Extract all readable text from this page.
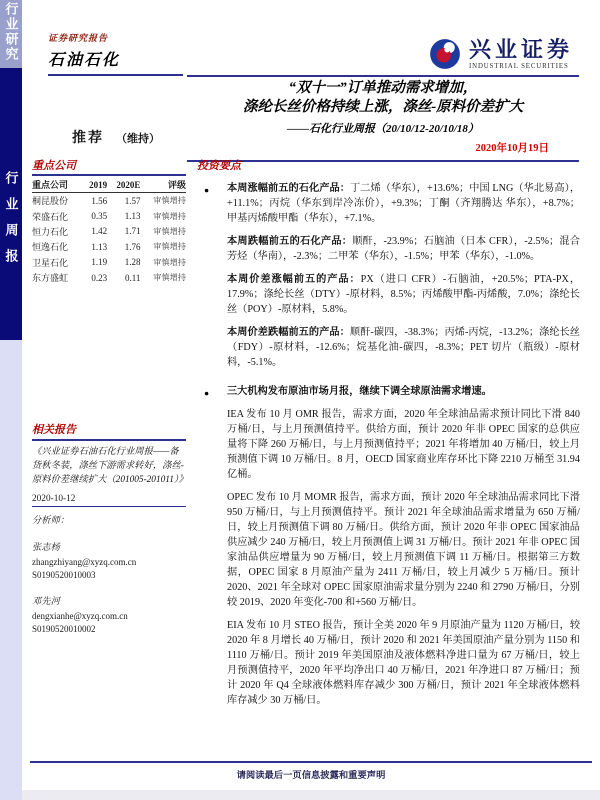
行业研究
行业周报
证券研究报告
石油石化	兴业证券
INDUSTRIAL SECURITIES
“双十一”订单推动需求增加，
涤纶长丝价格持续上涨，涤丝-原料价差扩大
——石化行业周报（20/10/12-20/10/18）
2020年10月19日
推荐 （维持）
重点公司
重点公司	2019	2020E	评级
桐昆股份	1.56	1.57	审慎增持
荣盛石化	0.35	1.13	审慎增持
恒力石化	1.42	1.71	审慎增持
恒逸石化	1.13	1.76	审慎增持
卫星石化	1.19	1.28	审慎增持
东方盛虹	0.23	0.11	审慎增持
相关报告
《兴业证券石油石化行业周报——备货秋冬装，涤丝下游需求转好，涤丝-原料价差继续扩大（201005-201011）》
2020-10-12
分析师：
张志杨
zhangzhiyang@xyzq.com.cn
S0190520010003
邓先河
dengxianhe@xyzq.com.cn
S0190520010002
投资要点
● 本周涨幅前五的石化产品：丁二烯（华东），+13.6%；中国 LNG（华北易高），+11.1%；丙烷（华东到岸冷冻价），+9.3%；丁酮（齐翔腾达 华东），+8.7%；甲基丙烯酸甲酯（华东），+7.1%。
本周跌幅前五的石化产品：顺酐，-23.9%；石脑油（日本 CFR），-2.5%；混合芳烃（华南），-2.3%；二甲苯（华东），-1.5%；甲苯（华东），-1.0%。
本周价差涨幅前五的产品：PX（进口 CFR）-石脑油，+20.5%；PTA-PX，17.9%；涤纶长丝（DTY）-原材料，8.5%；丙烯酸甲酯-丙烯酸，7.0%；涤纶长丝（POY）-原材料，5.8%。
本周价差跌幅前五的产品：顺酐-碳四，-38.3%；丙烯-丙烷，-13.2%；涤纶长丝（FDY）-原材料，-12.6%；烷基化油-碳四，-8.3%；PET 切片（瓶级）-原材料，-5.1%。
● 三大机构发布原油市场月报，继续下调全球原油需求增速。
IEA 发布 10 月 OMR 报告，需求方面，2020 年全球油品需求预计同比下滑 840 万桶/日，与上月预测值持平。供给方面，预计 2020 年非 OPEC 国家的总供应量将下降 260 万桶/日，与上月预测值持平；2021 年将增加 40 万桶/日，较上月预测值下调 10 万桶/日。8 月，OECD 国家商业库存环比下降 2210 万桶至 31.94 亿桶。
OPEC 发布 10 月 MOMR 报告，需求方面，预计 2020 年全球油品需求同比下滑 950 万桶/日，与上月预测值持平。预计 2021 年全球油品需求增量为 650 万桶/日，较上月预测值下调 80 万桶/日。供给方面，预计 2020 年非 OPEC 国家油品供应减少 240 万桶/日，较上月预测值上调 31 万桶/日。预计 2021 年非 OPEC 国家油品供应增量为 90 万桶/日，较上月预测值下调 11 万桶/日。根据第三方数据，OPEC 国家 8 月原油产量为 2411 万桶/日，较上月减少 5 万桶/日。预计 2020、2021 年全球对 OPEC 国家原油需求量分别为 2240 和 2790 万桶/日，分别较 2019、2020 年变化-700 和+560 万桶/日。
EIA 发布 10 月 STEO 报告，预计全美 2020 年 9 月原油产量为 1120 万桶/日，较 2020 年 8 月增长 40 万桶/日，预计 2020 和 2021 年美国原油产量分别为 1150 和 1110 万桶/日。预计 2019 年美国原油及液体燃料净进口量为 67 万桶/日，较上月预测值持平，2020 年平均净出口 40 万桶/日，2021 年净进口 87 万桶/日；预计 2020 年 Q4 全球液体燃料库存减少 300 万桶/日，预计 2021 年全球液体燃料库存减少 30 万桶/日。
请阅读最后一页信息披露和重要声明
